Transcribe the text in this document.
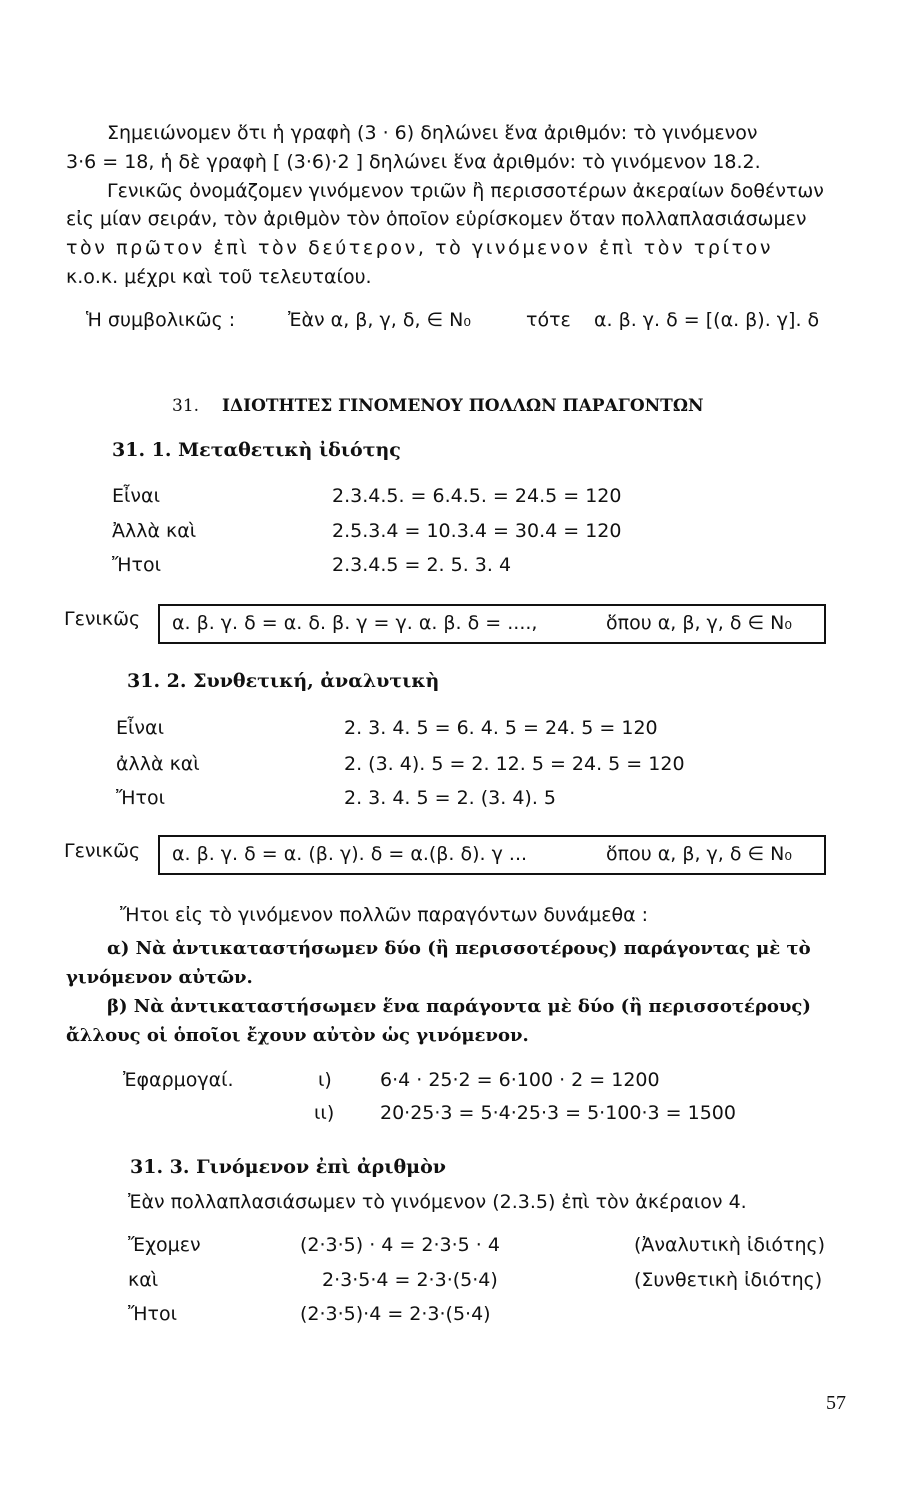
Σημειώνομεν ὅτι ἡ γραφὴ (3 · 6) δηλώνει ἕνα ἀριθμόν: τὸ γινόμενον
3·6 = 18, ἡ δὲ γραφὴ [ (3·6)·2 ] δηλώνει ἕνα ἀριθμόν: τὸ γινόμενον 18.2.
Γενικῶς ὀνομάζομεν γινόμενον τριῶν ἢ περισσοτέρων ἀκεραίων δοθέντων
εἰς μίαν σειράν, τὸν ἀριθμὸν τὸν ὁποῖον εὑρίσκομεν ὅταν πολλαπλασιάσωμεν
τὸν πρῶτον ἐπὶ τὸν δεύτερον, τὸ γινόμενον ἐπὶ τὸν τρίτον
κ.ο.κ. μέχρι καὶ τοῦ τελευταίου.
Ἡ συμβολικῶς :	Ἐὰν α, β, γ, δ, ∈ N₀	τότε α. β. γ. δ = [(α. β). γ]. δ
31. ΙΔΙΟΤΗΤΕΣ ΓΙΝΟΜΕΝΟΥ ΠΟΛΛΩΝ ΠΑΡΑΓΟΝΤΩΝ
31. 1. Μεταθετικὴ ἰδιότης
Εἶναι	2.3.4.5. = 6.4.5. = 24.5 = 120
Ἀλλὰ καὶ	2.5.3.4 = 10.3.4 = 30.4 = 120
Ἤτοι	2.3.4.5 = 2. 5. 3. 4
Γενικῶς α. β. γ. δ = α. δ. β. γ = γ. α. β. δ = ....,	ὅπου α, β, γ, δ ∈ N₀
31. 2. Συνθετική, ἀναλυτικὴ
Εἶναι	2. 3. 4. 5 = 6. 4. 5 = 24. 5 = 120
ἀλλὰ καὶ	2. (3. 4). 5 = 2. 12. 5 = 24. 5 = 120
Ἤτοι	2. 3. 4. 5 = 2. (3. 4). 5
Γενικῶς α. β. γ. δ = α. (β. γ). δ = α.(β. δ). γ ...	ὅπου α, β, γ, δ ∈ N₀
Ἤτοι εἰς τὸ γινόμενον πολλῶν παραγόντων δυνάμεθα :
α) Νὰ ἀντικαταστήσωμεν δύο (ἢ περισσοτέρους) παράγοντας μὲ τὸ
γινόμενον αὐτῶν.
β) Νὰ ἀντικαταστήσωμεν ἕνα παράγοντα μὲ δύο (ἢ περισσοτέρους)
ἄλλους οἱ ὁποῖοι ἔχουν αὐτὸν ὡς γινόμενον.
Ἐφαρμογαί.	ι)	6·4 · 25·2 = 6·100 · 2 = 1200
ιι) 20·25·3 = 5·4·25·3 = 5·100·3 = 1500
31. 3. Γινόμενον ἐπὶ ἀριθμὸν
Ἐὰν πολλαπλασιάσωμεν τὸ γινόμενον (2.3.5) ἐπὶ τὸν ἀκέραιον 4.
Ἔχομεν	(2·3·5) · 4 = 2·3·5 · 4	(Ἀναλυτικὴ ἰδιότης)
καὶ	2·3·5·4 = 2·3·(5·4)	(Συνθετικὴ ἰδιότης)
Ἤτοι	(2·3·5)·4 = 2·3·(5·4)
57
